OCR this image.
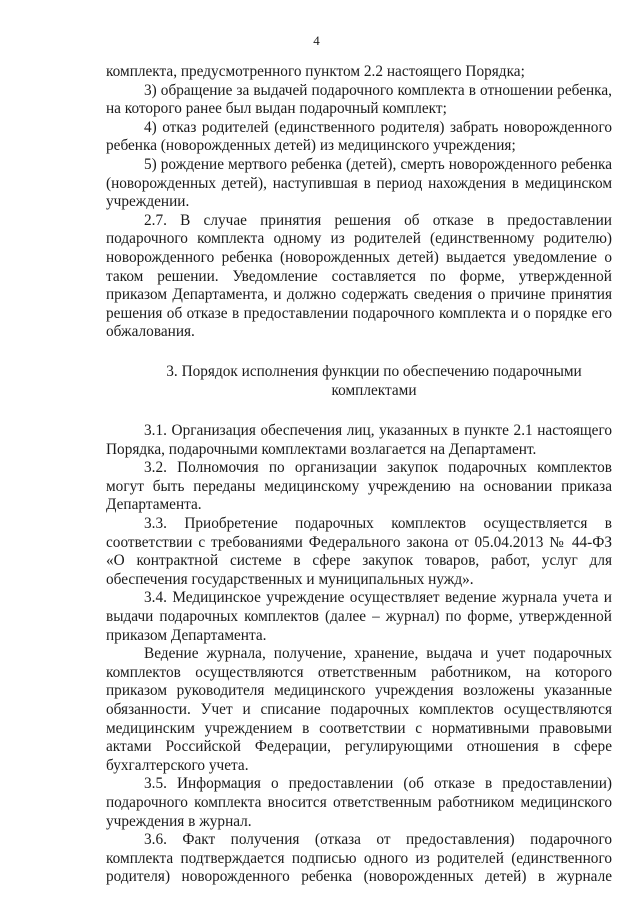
4

комплекта, предусмотренного пунктом 2.2 настоящего Порядка;

3) обращение за выдачей подарочного комплекта в отношении ребенка, на которого ранее был выдан подарочный комплект;

4) отказ родителей (единственного родителя) забрать новорожденного ребенка (новорожденных детей) из медицинского учреждения;

5) рождение мертвого ребенка (детей), смерть новорожденного ребенка (новорожденных детей), наступившая в период нахождения в медицинском учреждении.

2.7. В случае принятия решения об отказе в предоставлении подарочного комплекта одному из родителей (единственному родителю) новорожденного ребенка (новорожденных детей) выдается уведомление о таком решении. Уведомление составляется по форме, утвержденной приказом Департамента, и должно содержать сведения о причине принятия решения об отказе в предоставлении подарочного комплекта и о порядке его обжалования.

3. Порядок исполнения функции по обеспечению подарочными
комплектами

3.1. Организация обеспечения лиц, указанных в пункте 2.1 настоящего Порядка, подарочными комплектами возлагается на Департамент.

3.2. Полномочия по организации закупок подарочных комплектов могут быть переданы медицинскому учреждению на основании приказа Департамента.

3.3. Приобретение подарочных комплектов осуществляется в соответствии с требованиями Федерального закона от 05.04.2013 № 44-ФЗ «О контрактной системе в сфере закупок товаров, работ, услуг для обеспечения государственных и муниципальных нужд».

3.4. Медицинское учреждение осуществляет ведение журнала учета и выдачи подарочных комплектов (далее – журнал) по форме, утвержденной приказом Департамента.

Ведение журнала, получение, хранение, выдача и учет подарочных комплектов осуществляются ответственным работником, на которого приказом руководителя медицинского учреждения возложены указанные обязанности. Учет и списание подарочных комплектов осуществляются медицинским учреждением в соответствии с нормативными правовыми актами Российской Федерации, регулирующими отношения в сфере бухгалтерского учета.

3.5. Информация о предоставлении (об отказе в предоставлении) подарочного комплекта вносится ответственным работником медицинского учреждения в журнал.

3.6. Факт получения (отказа от предоставления) подарочного комплекта подтверждается подписью одного из родителей (единственного родителя) новорожденного ребенка (новорожденных детей) в журнале
